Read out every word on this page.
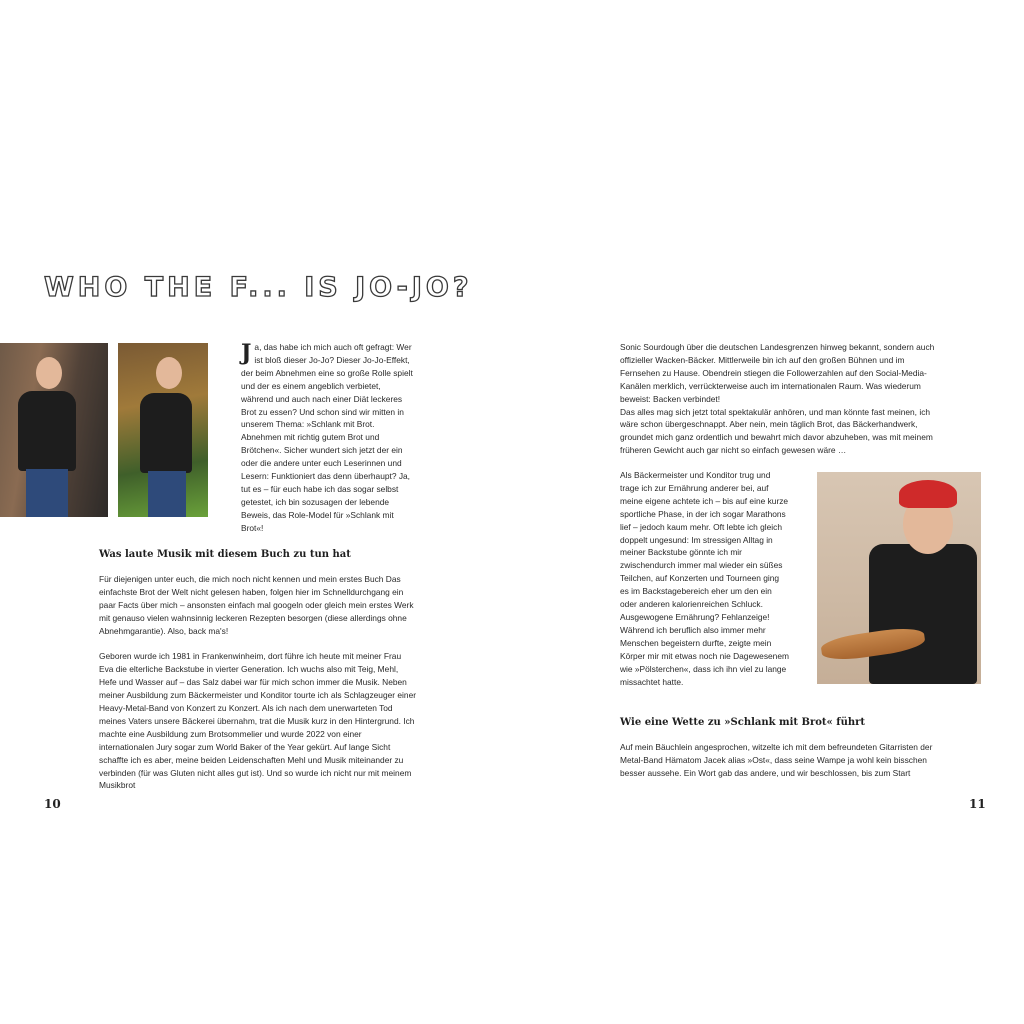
WHO THE F... IS JO-JO?
Ja, das habe ich mich auch oft gefragt: Wer ist bloß dieser Jo-Jo? Dieser Jo-Jo-Effekt, der beim Abnehmen eine so große Rolle spielt und der es einem angeblich verbietet, während und auch nach einer Diät leckeres Brot zu essen? Und schon sind wir mitten in unserem Thema: »Schlank mit Brot. Abnehmen mit richtig gutem Brot und Brötchen«. Sicher wundert sich jetzt der ein oder die andere unter euch Leserinnen und Lesern: Funktioniert das denn überhaupt? Ja, tut es – für euch habe ich das sogar selbst getestet, ich bin sozusagen der lebende Beweis, das Role-Model für »Schlank mit Brot«!
Was laute Musik mit diesem Buch zu tun hat

Für diejenigen unter euch, die mich noch nicht kennen und mein erstes Buch Das einfachste Brot der Welt nicht gelesen haben, folgen hier im Schnelldurchgang ein paar Facts über mich – ansonsten einfach mal googeln oder gleich mein erstes Werk mit genauso vielen wahnsinnig leckeren Rezepten besorgen (diese allerdings ohne Abnehmgarantie). Also, back ma's!

Geboren wurde ich 1981 in Frankenwinheim, dort führe ich heute mit meiner Frau Eva die elterliche Backstube in vierter Generation. Ich wuchs also mit Teig, Mehl, Hefe und Wasser auf – das Salz dabei war für mich schon immer die Musik. Neben meiner Ausbildung zum Bäckermeister und Konditor tourte ich als Schlagzeuger einer Heavy-Metal-Band von Konzert zu Konzert. Als ich nach dem unerwarteten Tod meines Vaters unsere Bäckerei übernahm, trat die Musik kurz in den Hintergrund. Ich machte eine Ausbildung zum Brotsommelier und wurde 2022 von einer internationalen Jury sogar zum World Baker of the Year gekürt. Auf lange Sicht schaffte ich es aber, meine beiden Leidenschaften Mehl und Musik miteinander zu verbinden (für was Gluten nicht alles gut ist). Und so wurde ich nicht nur mit meinem Musikbrot

10

Sonic Sourdough über die deutschen Landesgrenzen hinweg bekannt, sondern auch offizieller Wacken-Bäcker. Mittlerweile bin ich auf den großen Bühnen und im Fernsehen zu Hause. Obendrein stiegen die Followerzahlen auf den Social-Media-Kanälen merklich, verrückterweise auch im internationalen Raum. Was wiederum beweist: Backen verbindet!

Das alles mag sich jetzt total spektakulär anhören, und man könnte fast meinen, ich wäre schon übergeschnappt. Aber nein, mein täglich Brot, das Bäckerhandwerk, groundet mich ganz ordentlich und bewahrt mich davor abzuheben, was mit meinem früheren Gewicht auch gar nicht so einfach gewesen wäre …

Als Bäckermeister und Konditor trug und trage ich zur Ernährung anderer bei, auf meine eigene achtete ich – bis auf eine kurze sportliche Phase, in der ich sogar Marathons lief – jedoch kaum mehr. Oft lebte ich gleich doppelt ungesund: Im stressigen Alltag in meiner Backstube gönnte ich mir zwischendurch immer mal wieder ein süßes Teilchen, auf Konzerten und Tourneen ging es im Backstagebereich eher um den ein oder anderen kalorienreichen Schluck. Ausgewogene Ernährung? Fehlanzeige! Während ich beruflich also immer mehr Menschen begeistern durfte, zeigte mein Körper mir mit etwas noch nie Dagewesenem wie »Pölsterchen«, dass ich ihn viel zu lange missachtet hatte.

Wie eine Wette zu »Schlank mit Brot« führt

Auf mein Bäuchlein angesprochen, witzelte ich mit dem befreundeten Gitarristen der Metal-Band Hämatom Jacek alias »Ost«, dass seine Wampe ja wohl kein bisschen besser aussehe. Ein Wort gab das andere, und wir beschlossen, bis zum Start

11
